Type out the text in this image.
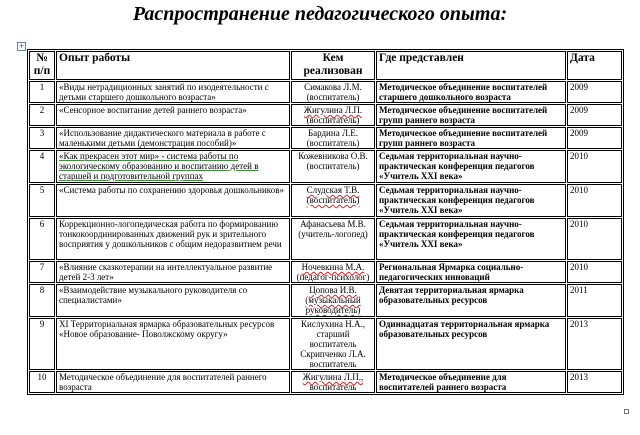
Распространение педагогического опыта:
+
№ п/п	Опыт работы	Кем реализован	Где представлен	Дата
1	«Виды нетрадиционных занятий по изодеятельности с детьми старшего дошкольного возраста»	Симакова Л.М. (воспитатель)	Методическое объединение воспитателей старшего дошкольного возраста	2009
2	«Сенсорное воспитание детей раннего возраста»	Жигулина Л.П. (воспитатель)	Методическое объединение воспитателей групп раннего возраста	2009
3	«Использование дидактического материала в работе с маленькими детьми (демонстрация пособий)»	Бардина Л.Е. (воспитатель)	Методическое объединение воспитателей групп раннего возраста	2009
4	«Как прекрасен этот мир» - система работы по экологическому образованию и воспитанию детей в старшей и подготовительной группах	Кожевникова О.В. (воспитатель)	Седьмая территориальная научно-практическая конференция педагогов «Учитель XXI века»	2010
5	«Система работы по сохранению здоровья дошкольников»	Слудская Т.В. (воспитатель)	Седьмая территориальная научно-практическая конференция педагогов «Учитель XXI века»	2010
6	Коррекционно-логопедическая работа по формированию тонкокоординированных движений рук и зрительного восприятия у дошкольников с общим недоразвитием речи	Афанасьева М.В. (учитель-логопед)	Седьмая территориальная научно-практическая конференция педагогов «Учитель XXI века»	2010
7	«Влияние сказкотерапии на интеллектуальное развитие детей 2-3 лет»	Ночевкина М.А. (педагог-психолог)	Региональная Ярмарка социально-педагогических инноваций	2010
8	«Взаимодействие музыкального руководителя со специалистами»	Цопова И.В. (музыкальный руководитель)	Девятая территориальная ярмарка образовательных ресурсов	2011
9	XI Территориальная ярмарка образовательных ресурсов «Новое образование- Поволжскому округу»	Кислухина Н.А., старший воспитатель Скрипченко Л.А. воспитатель	Одиннадцатая территориальная ярмарка образовательных ресурсов	2013
10	Методическое объединение для воспитателей раннего возраста	Жигулина Л.П., воспитатель	Методическое объединение для воспитателей раннего возраста	2013
